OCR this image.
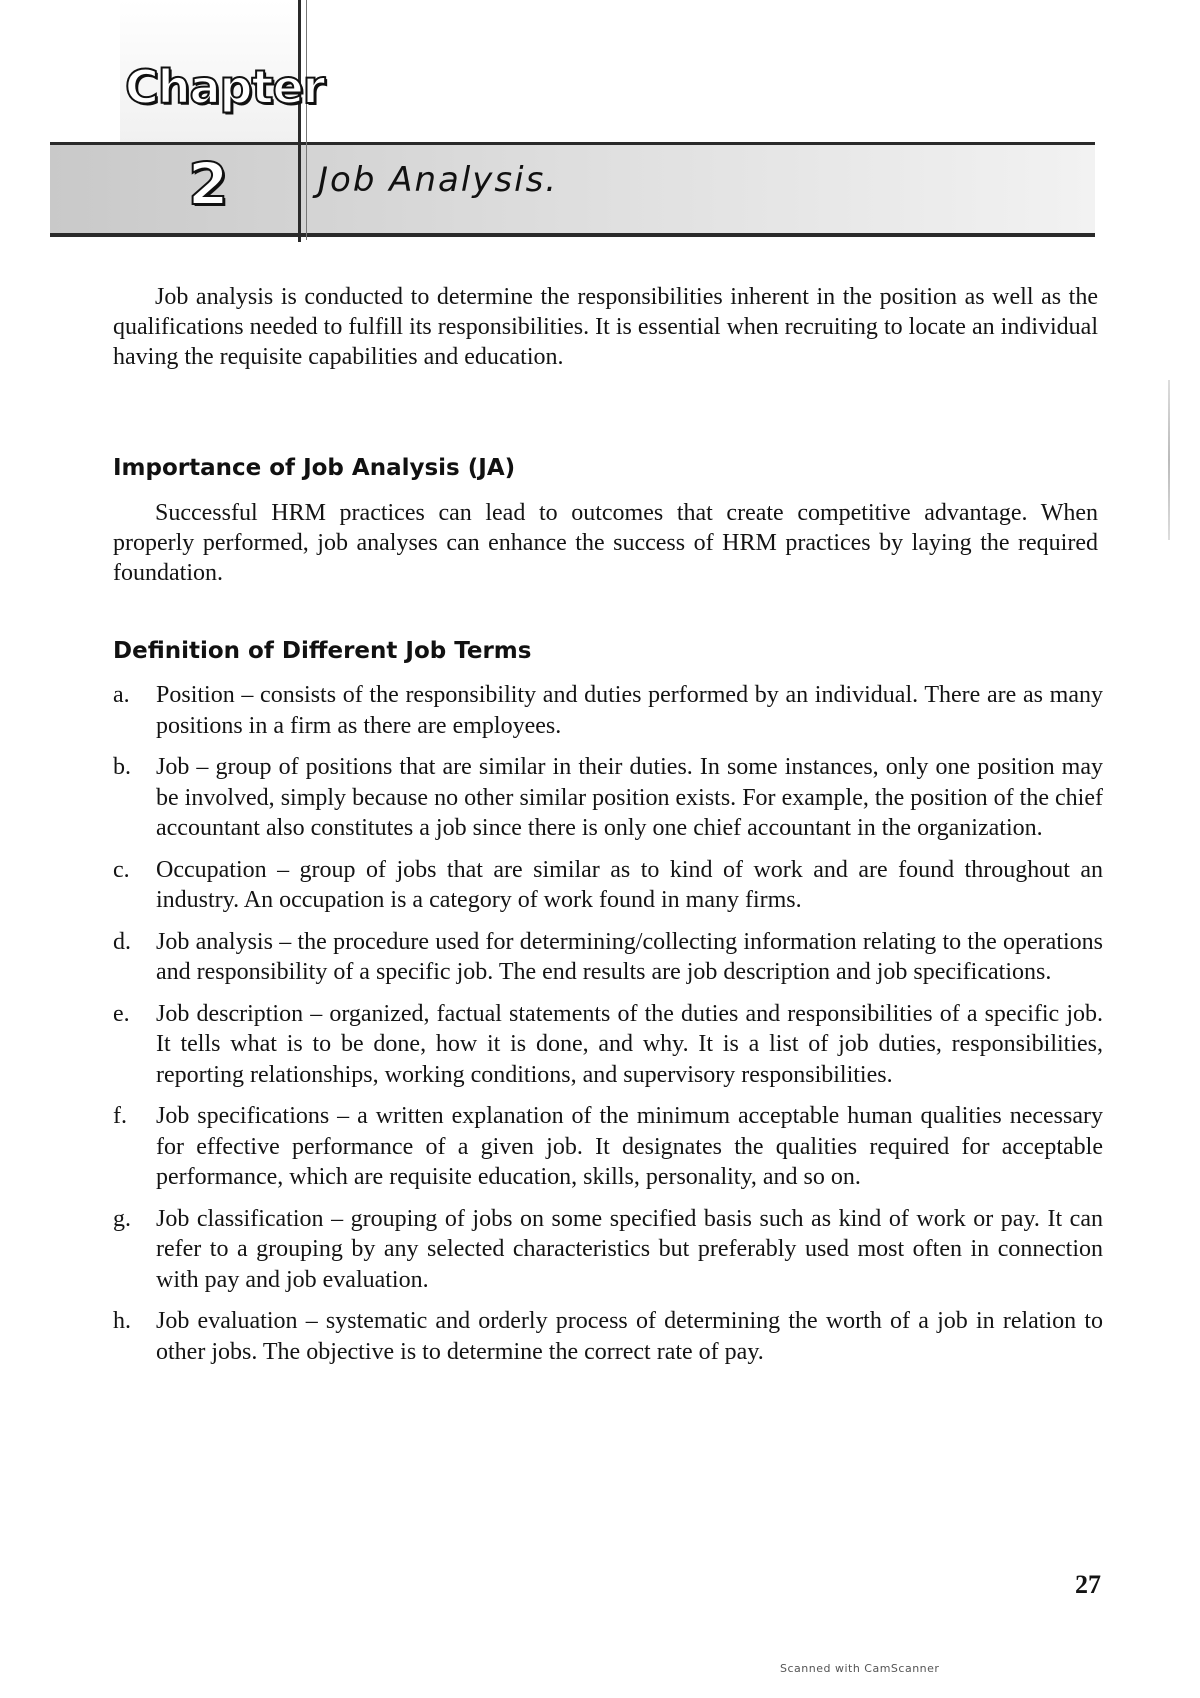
Chapter
2	Job Analysis.

Job analysis is conducted to determine the responsibilities inherent in the position as well as the qualifications needed to fulfill its responsibilities. It is essential when recruiting to locate an individual having the requisite capabilities and education.

Importance of Job Analysis (JA)

Successful HRM practices can lead to outcomes that create competitive advantage. When properly performed, job analyses can enhance the success of HRM practices by laying the required foundation.

Definition of Different Job Terms
a.	Position – consists of the responsibility and duties performed by an individual. There are as many positions in a firm as there are employees.
b.	Job – group of positions that are similar in their duties. In some instances, only one position may be involved, simply because no other similar position exists. For example, the position of the chief accountant also constitutes a job since there is only one chief accountant in the organization.
c.	Occupation – group of jobs that are similar as to kind of work and are found throughout an industry. An occupation is a category of work found in many firms.
d.	Job analysis – the procedure used for determining/collecting information relating to the operations and responsibility of a specific job. The end results are job description and job specifications.
e.	Job description – organized, factual statements of the duties and responsibilities of a specific job. It tells what is to be done, how it is done, and why. It is a list of job duties, responsibilities, reporting relationships, working conditions, and supervisory responsibilities.
f.	Job specifications – a written explanation of the minimum acceptable human qualities necessary for effective performance of a given job. It designates the qualities required for acceptable performance, which are requisite education, skills, personality, and so on.
g.	Job classification – grouping of jobs on some specified basis such as kind of work or pay. It can refer to a grouping by any selected characteristics but preferably used most often in connection with pay and job evaluation.
h.	Job evaluation – systematic and orderly process of determining the worth of a job in relation to other jobs. The objective is to determine the correct rate of pay.
27
Scanned with CamScanner
